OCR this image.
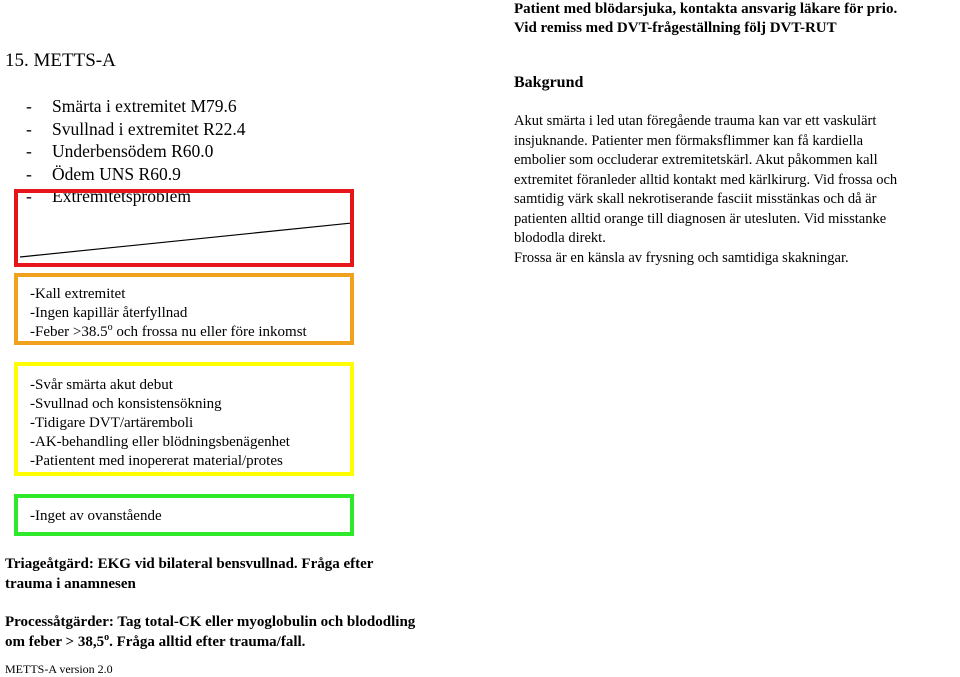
Patient med blödarsjuka, kontakta ansvarig läkare för prio.
Vid remiss med DVT-frågeställning följ DVT-RUT
Bakgrund
Akut smärta i led utan föregående trauma kan var ett vaskulärt
insjuknande. Patienter men förmaksflimmer kan få kardiella
embolier som occluderar extremitetskärl. Akut påkommen kall
extremitet föranleder alltid kontakt med kärlkirurg. Vid frossa och
samtidig värk skall nekrotiserande fasciit misstänkas och då är
patienten alltid orange till diagnosen är utesluten. Vid misstanke
blododla direkt.
Frossa är en känsla av frysning och samtidiga skakningar.
15. METTS-A
- Smärta i extremitet M79.6
- Svullnad i extremitet R22.4
- Underbensödem R60.0
- Ödem UNS R60.9
- Extremitetsproblem
-Kall extremitet
-Ingen kapillär återfyllnad
-Feber $>38.5^o$ och frossa nu eller före inkomst
-Svår smärta akut debut
-Svullnad och konsistensökning
-Tidigare DVT/artäremboli
-AK-behandling eller blödningsbenägenhet
-Patientent med inopererat material/protes
-Inget av ovanstående
Triageåtgärd: EKG vid bilateral bensvullnad. Fråga efter
trauma i anamnesen
Processåtgärder: Tag total-CK eller myoglobulin och blododling
om feber > $38,5^o$. Fråga alltid efter trauma/fall.
METTS-A version 2.0
